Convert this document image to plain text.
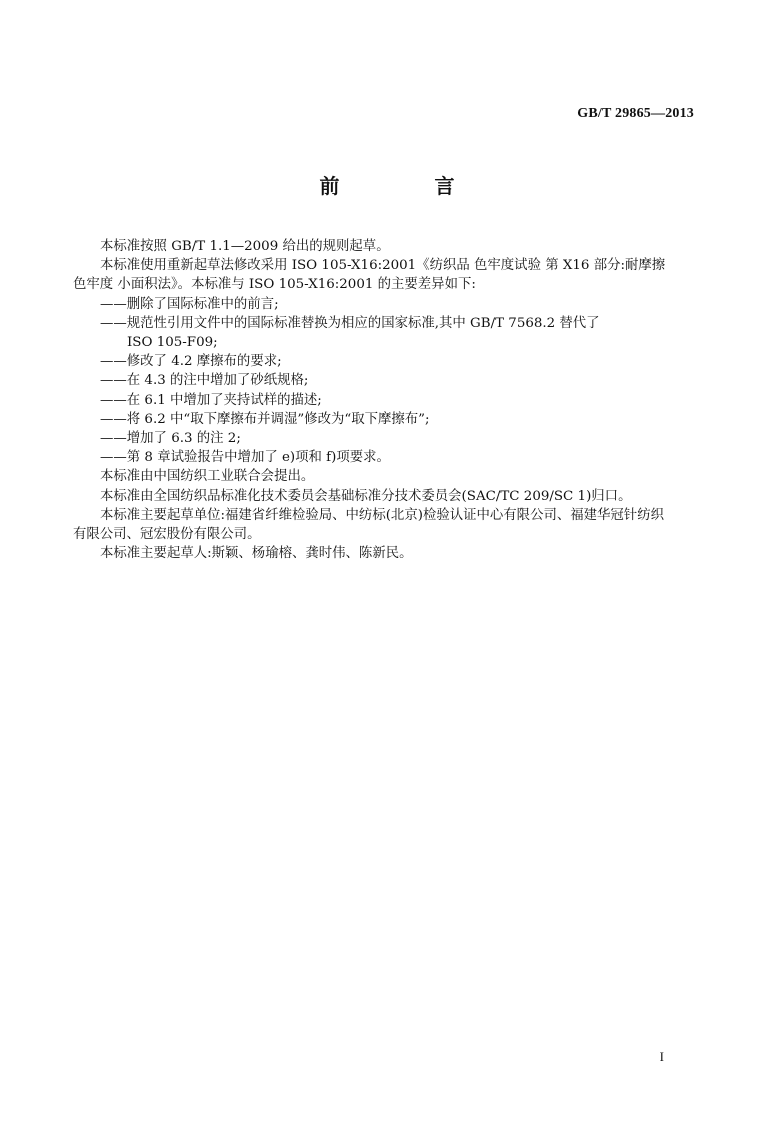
GB/T 29865—2013
前 言

本标准按照 GB/T 1.1—2009 给出的规则起草。

本标准使用重新起草法修改采用 ISO 105-X16:2001《纺织品 色牢度试验 第 X16 部分:耐摩擦
色牢度 小面积法》。本标准与 ISO 105-X16:2001 的主要差异如下:

——删除了国际标准中的前言;

——规范性引用文件中的国际标准替换为相应的国家标准,其中 GB/T 7568.2 替代了
ISO 105-F09;

——修改了 4.2 摩擦布的要求;

——在 4.3 的注中增加了砂纸规格;

——在 6.1 中增加了夹持试样的描述;

——将 6.2 中“取下摩擦布并调湿”修改为“取下摩擦布”;

——增加了 6.3 的注 2;

——第 8 章试验报告中增加了 e)项和 f)项要求。

本标准由中国纺织工业联合会提出。

本标准由全国纺织品标准化技术委员会基础标准分技术委员会(SAC/TC 209/SC 1)归口。

本标准主要起草单位:福建省纤维检验局、中纺标(北京)检验认证中心有限公司、福建华冠针纺织
有限公司、冠宏股份有限公司。

本标准主要起草人:斯颖、杨瑜榕、龚时伟、陈新民。

I
